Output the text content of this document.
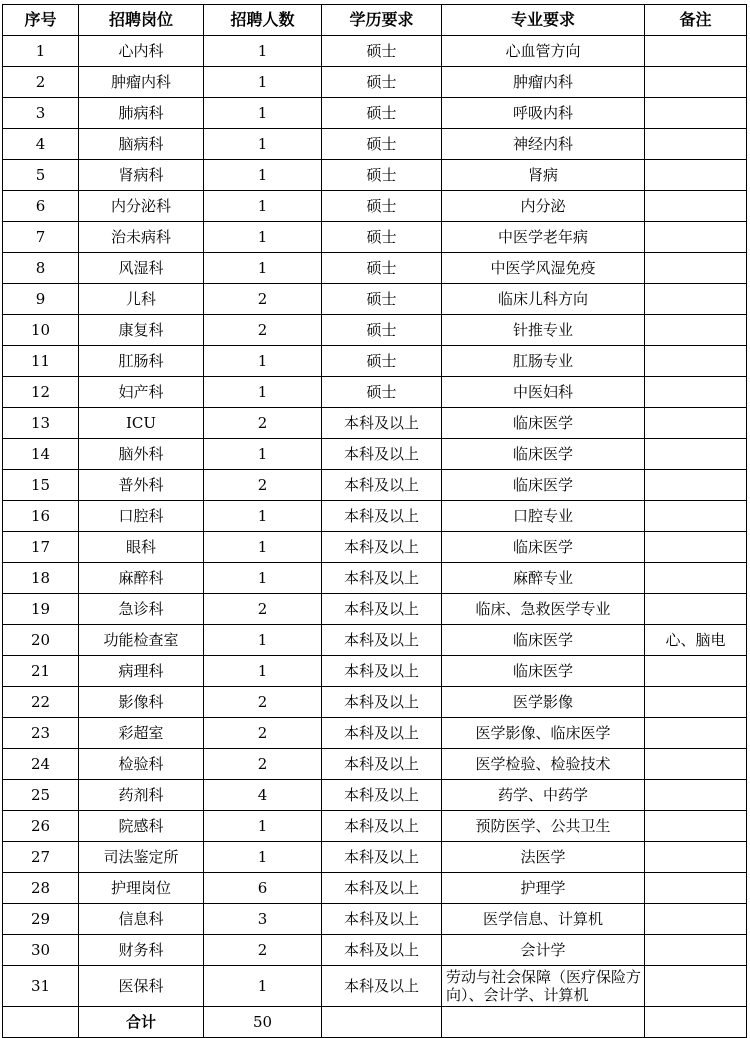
序号	招聘岗位	招聘人数	学历要求	专业要求	备注
1	心内科	1	硕士	心血管方向	
2	肿瘤内科	1	硕士	肿瘤内科	
3	肺病科	1	硕士	呼吸内科	
4	脑病科	1	硕士	神经内科	
5	肾病科	1	硕士	肾病	
6	内分泌科	1	硕士	内分泌	
7	治未病科	1	硕士	中医学老年病	
8	风湿科	1	硕士	中医学风湿免疫	
9	儿科	2	硕士	临床儿科方向	
10	康复科	2	硕士	针推专业	
11	肛肠科	1	硕士	肛肠专业	
12	妇产科	1	硕士	中医妇科	
13	ICU	2	本科及以上	临床医学	
14	脑外科	1	本科及以上	临床医学	
15	普外科	2	本科及以上	临床医学	
16	口腔科	1	本科及以上	口腔专业	
17	眼科	1	本科及以上	临床医学	
18	麻醉科	1	本科及以上	麻醉专业	
19	急诊科	2	本科及以上	临床、急救医学专业	
20	功能检查室	1	本科及以上	临床医学	心、脑电
21	病理科	1	本科及以上	临床医学	
22	影像科	2	本科及以上	医学影像	
23	彩超室	2	本科及以上	医学影像、临床医学	
24	检验科	2	本科及以上	医学检验、检验技术	
25	药剂科	4	本科及以上	药学、中药学	
26	院感科	1	本科及以上	预防医学、公共卫生	
27	司法鉴定所	1	本科及以上	法医学	
28	护理岗位	6	本科及以上	护理学	
29	信息科	3	本科及以上	医学信息、计算机	
30	财务科	2	本科及以上	会计学	
31	医保科	1	本科及以上	劳动与社会保障（医疗保险方向）、会计学、计算机	
	合计	50			
